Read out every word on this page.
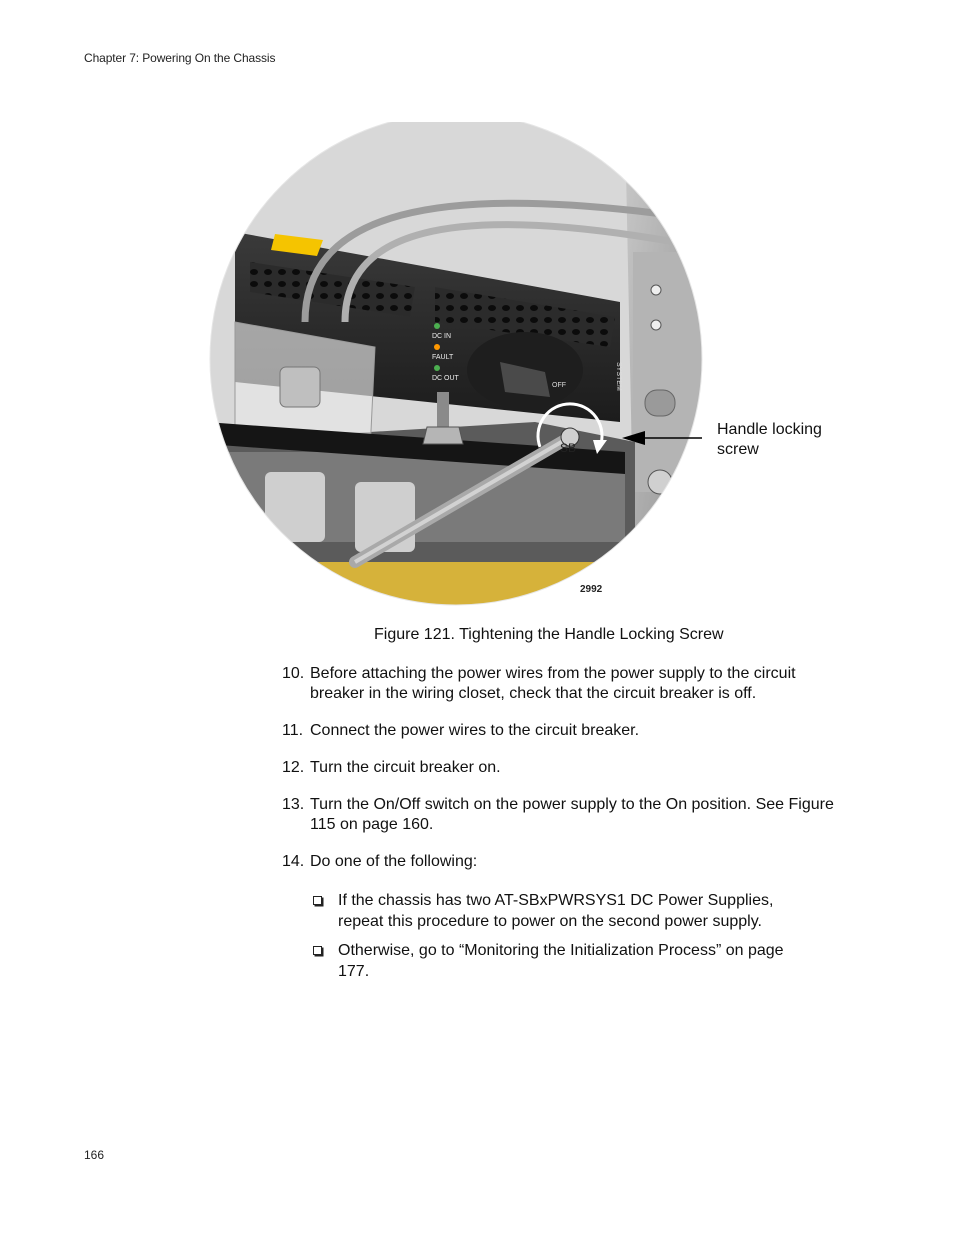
Chapter 7: Powering On the Chassis
DC IN
FAULT
DC OUT
OFF
SB
SYSTEM
2992
Handle locking screw
Figure 121. Tightening the Handle Locking Screw
10. Before attaching the power wires from the power supply to the circuit breaker in the wiring closet, check that the circuit breaker is off.
11. Connect the power wires to the circuit breaker.
12. Turn the circuit breaker on.
13. Turn the On/Off switch on the power supply to the On position. See Figure 115 on page 160.
14. Do one of the following:
If the chassis has two AT-SBxPWRSYS1 DC Power Supplies, repeat this procedure to power on the second power supply.
Otherwise, go to “Monitoring the Initialization Process” on page 177.
166
